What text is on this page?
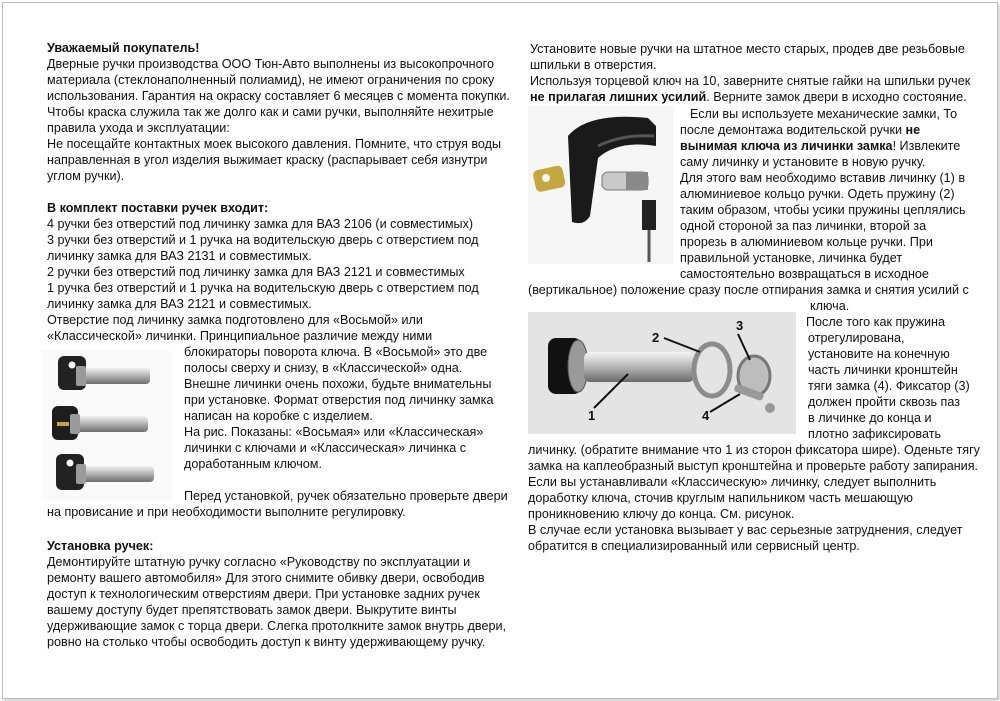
Уважаемый покупатель!

Дверные ручки производства ООО Тюн-Авто выполнены из высокопрочного

материала (стеклонаполненный полиамид), не имеют ограничения по сроку

использования. Гарантия на окраску составляет 6 месяцев с момента покупки.

Чтобы краска служила так же долго как и сами ручки, выполняйте нехитрые

правила ухода и эксплуатации:

Не посещайте контактных моек высокого давления. Помните, что струя воды

направленная в угол изделия выжимает краску (распарывает себя изнутри

углом ручки).

В комплект поставки ручек входит:

4 ручки без отверстий под личинку замка для ВАЗ 2106 (и совместимых)

3 ручки без отверстий и 1 ручка на водительскую дверь с отверстием под

личинку замка для ВАЗ 2131 и совместимых.

2 ручки без отверстий под личинку замка для ВАЗ 2121 и совместимых

1 ручка без отверстий и 1 ручка на водительскую дверь с отверстием под

личинку замка для ВАЗ 2121 и совместимых.

Отверстие под личинку замка подготовлено для «Восьмой» или

«Классической» личинки. Принципиальное различие между ними

блокираторы поворота ключа. В «Восьмой» это две

полосы сверху и снизу, в «Классической» одна.

Внешне личинки очень похожи, будьте внимательны

при установке. Формат отверстия под личинку замка

написан на коробке с изделием.

На рис. Показаны: «Восьмая» или «Классическая»

личинки с ключами и «Классическая» личинка с

доработанным ключом.

Перед установкой, ручек обязательно проверьте двери

на провисание и при необходимости выполните регулировку.

Установка ручек:

Демонтируйте штатную ручку согласно «Руководству по эксплуатации и

ремонту вашего автомобиля» Для этого снимите обивку двери, освободив

доступ к технологическим отверстиям двери. При установке задних ручек

вашему доступу будет препятствовать замок двери. Выкрутите винты

удерживающие замок с торца двери. Слегка протолкните замок внутрь двери,

ровно на столько чтобы освободить доступ к винту удерживающему ручку.

Установите новые ручки на штатное место старых, продев две резьбовые

шпильки в отверстия.

Используя торцевой ключ на 10, заверните снятые гайки на шпильки ручек

не прилагая лишних усилий. Верните замок двери в исходно состояние.

Если вы используете механические замки, То

после демонтажа водительской ручки не

вынимая ключа из личинки замка! Извлеките

саму личинку и установите в новую ручку.

Для этого вам необходимо вставив личинку (1) в

алюминиевое кольцо ручки. Одеть пружину (2)

таким образом, чтобы усики пружины цеплялись

одной стороной за паз личинки, второй за

прорезь в алюминиевом кольце ручки. При

правильной установке, личинка будет

самостоятельно возвращаться в исходное

(вертикальное) положение сразу после отпирания замка и снятия усилий с

ключа.

1
2
3
4

После того как пружина

отрегулирована,

установите на конечную

часть личинки кронштейн

тяги замка (4). Фиксатор (3)

должен пройти сквозь паз

в личинке до конца и

плотно зафиксировать

личинку. (обратите внимание что 1 из сторон фиксатора шире). Оденьте тягу

замка на каплеобразный выступ кронштейна и проверьте работу запирания.

Если вы устанавливали «Классическую» личинку, следует выполнить

доработку ключа, сточив круглым напильником часть мешающую

проникновению ключу до конца. См. рисунок.

В случае если установка вызывает у вас серьезные затруднения, следует

обратится в специализированный или сервисный центр.
